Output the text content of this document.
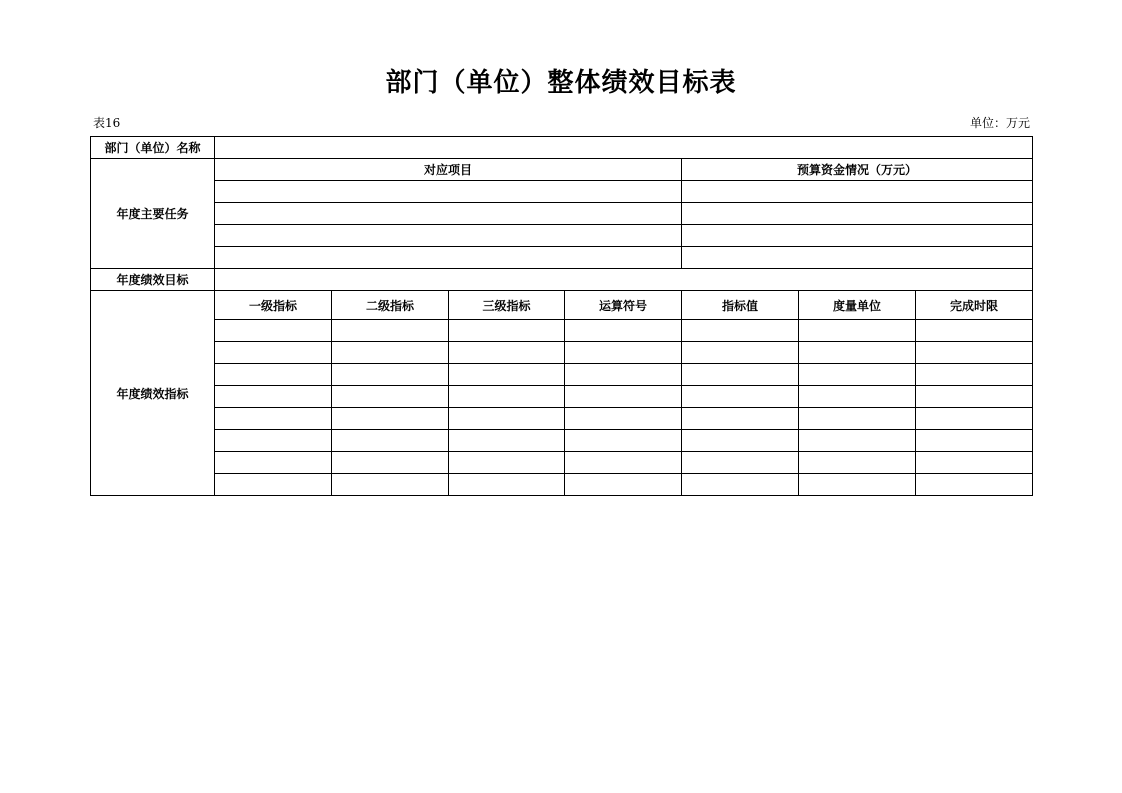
部门（单位）整体绩效目标表
表16	单位：万元
部门（单位）名称							
年度主要任务	对应项目				预算资金情况（万元）		

年度绩效目标							
年度绩效指标	一级指标	二级指标	三级指标	运算符号	指标值	度量单位	完成时限
